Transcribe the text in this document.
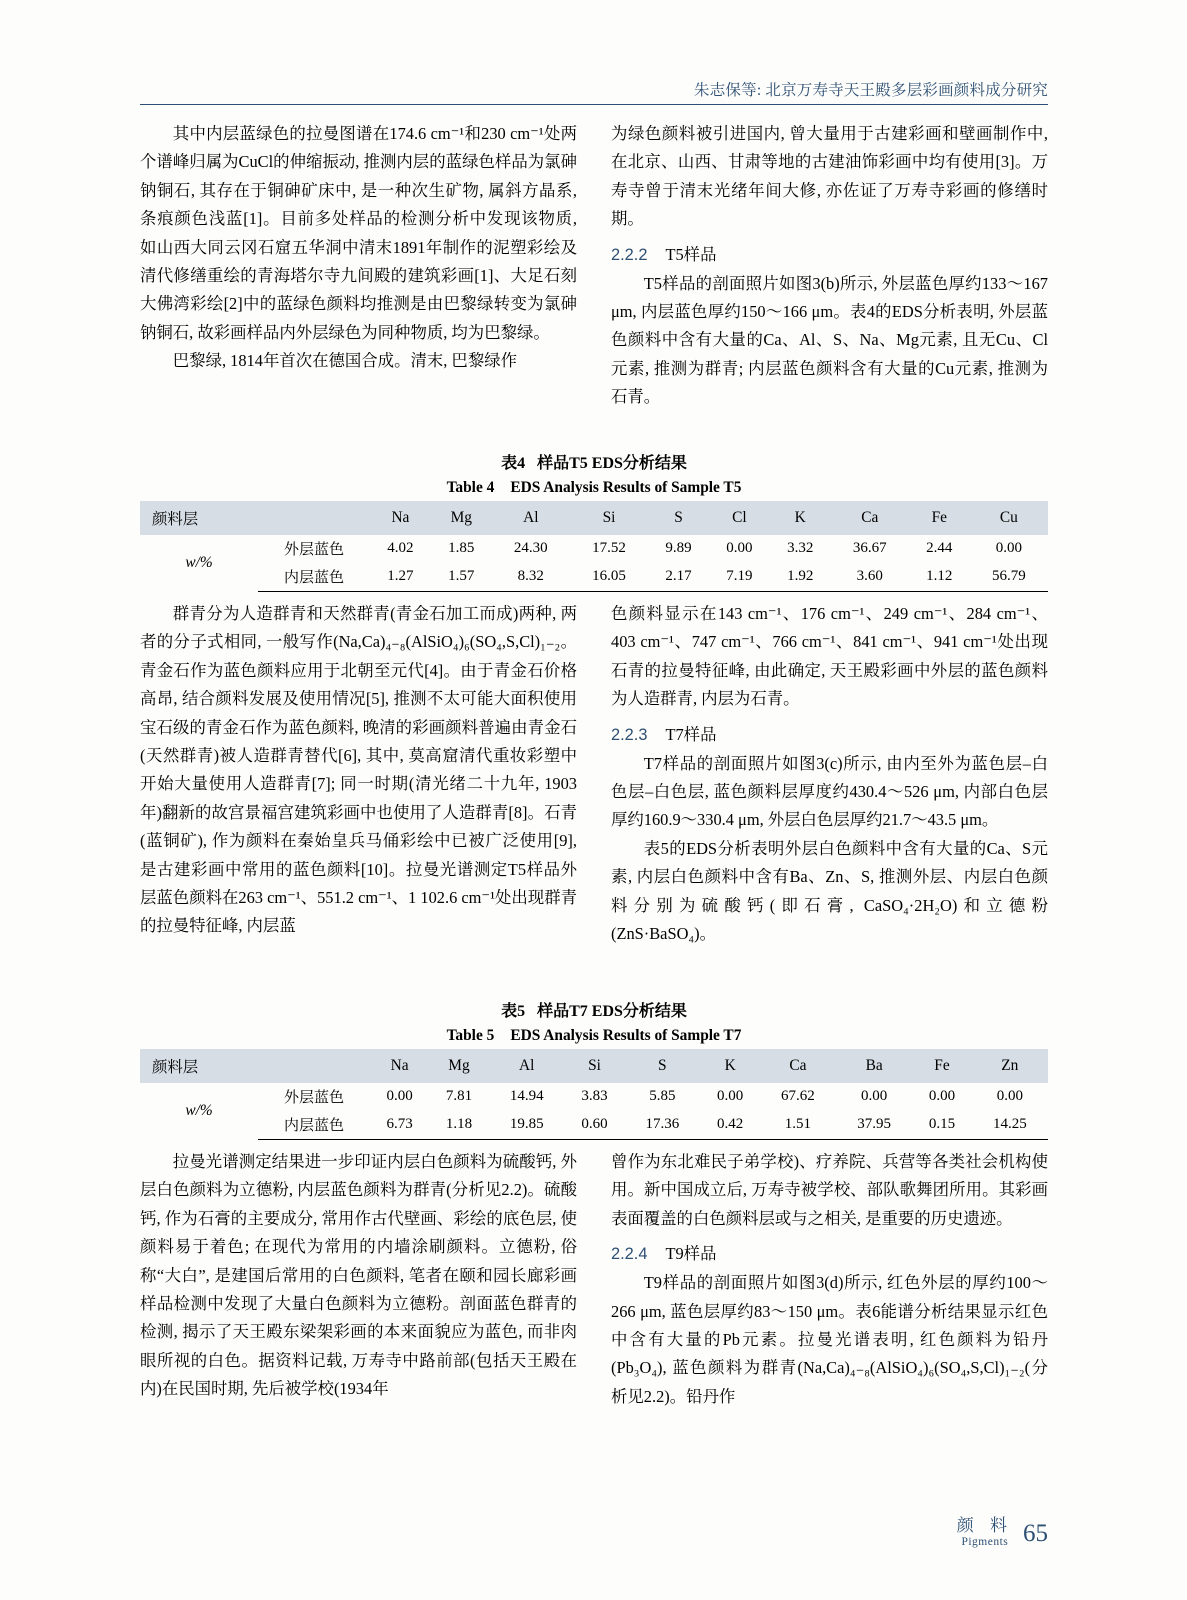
朱志保等: 北京万寿寺天王殿多层彩画颜料成分研究

其中内层蓝绿色的拉曼图谱在174.6 cm⁻¹和230 cm⁻¹处两个谱峰归属为CuCl的伸缩振动, 推测内层的蓝绿色样品为氯砷钠铜石, 其存在于铜砷矿床中, 是一种次生矿物, 属斜方晶系, 条痕颜色浅蓝[1]。目前多处样品的检测分析中发现该物质, 如山西大同云冈石窟五华洞中清末1891年制作的泥塑彩绘及清代修缮重绘的青海塔尔寺九间殿的建筑彩画[1]、大足石刻大佛湾彩绘[2]中的蓝绿色颜料均推测是由巴黎绿转变为氯砷钠铜石, 故彩画样品内外层绿色为同种物质, 均为巴黎绿。

巴黎绿, 1814年首次在德国合成。清末, 巴黎绿作

为绿色颜料被引进国内, 曾大量用于古建彩画和壁画制作中, 在北京、山西、甘肃等地的古建油饰彩画中均有使用[3]。万寿寺曾于清末光绪年间大修, 亦佐证了万寿寺彩画的修缮时期。

2.2.2 T5样品

T5样品的剖面照片如图3(b)所示, 外层蓝色厚约133～167 μm, 内层蓝色厚约150～166 μm。表4的EDS分析表明, 外层蓝色颜料中含有大量的Ca、Al、S、Na、Mg元素, 且无Cu、Cl元素, 推测为群青; 内层蓝色颜料含有大量的Cu元素, 推测为石青。

表4 样品T5 EDS分析结果
Table 4 EDS Analysis Results of Sample T5
颜料层		Na	Mg	Al	Si	S	Cl	K	Ca	Fe	Cu
w/%	外层蓝色	4.02	1.85	24.30	17.52	9.89	0.00	3.32	36.67	2.44	0.00
	内层蓝色	1.27	1.57	8.32	16.05	2.17	7.19	1.92	3.60	1.12	56.79

群青分为人造群青和天然群青(青金石加工而成)两种, 两者的分子式相同, 一般写作(Na,Ca)₄₋₈(AlSiO₄)₆(SO₄,S,Cl)₁₋₂。青金石作为蓝色颜料应用于北朝至元代[4]。由于青金石价格高昂, 结合颜料发展及使用情况[5], 推测不太可能大面积使用宝石级的青金石作为蓝色颜料, 晚清的彩画颜料普遍由青金石(天然群青)被人造群青替代[6], 其中, 莫高窟清代重妆彩塑中开始大量使用人造群青[7]; 同一时期(清光绪二十九年, 1903年)翻新的故宫景福宫建筑彩画中也使用了人造群青[8]。石青(蓝铜矿), 作为颜料在秦始皇兵马俑彩绘中已被广泛使用[9], 是古建彩画中常用的蓝色颜料[10]。拉曼光谱测定T5样品外层蓝色颜料在263 cm⁻¹、551.2 cm⁻¹、1 102.6 cm⁻¹处出现群青的拉曼特征峰, 内层蓝

色颜料显示在143 cm⁻¹、176 cm⁻¹、249 cm⁻¹、284 cm⁻¹、403 cm⁻¹、747 cm⁻¹、766 cm⁻¹、841 cm⁻¹、941 cm⁻¹处出现石青的拉曼特征峰, 由此确定, 天王殿彩画中外层的蓝色颜料为人造群青, 内层为石青。

2.2.3 T7样品

T7样品的剖面照片如图3(c)所示, 由内至外为蓝色层–白色层–白色层, 蓝色颜料层厚度约430.4～526 μm, 内部白色层厚约160.9～330.4 μm, 外层白色层厚约21.7～43.5 μm。

表5的EDS分析表明外层白色颜料中含有大量的Ca、S元素, 内层白色颜料中含有Ba、Zn、S, 推测外层、内层白色颜料分别为硫酸钙(即石膏, CaSO₄·2H₂O)和立德粉(ZnS·BaSO₄)。

表5 样品T7 EDS分析结果
Table 5 EDS Analysis Results of Sample T7
颜料层		Na	Mg	Al	Si	S	K	Ca	Ba	Fe	Zn
w/%	外层蓝色	0.00	7.81	14.94	3.83	5.85	0.00	67.62	0.00	0.00	0.00
	内层蓝色	6.73	1.18	19.85	0.60	17.36	0.42	1.51	37.95	0.15	14.25

拉曼光谱测定结果进一步印证内层白色颜料为硫酸钙, 外层白色颜料为立德粉, 内层蓝色颜料为群青(分析见2.2)。硫酸钙, 作为石膏的主要成分, 常用作古代壁画、彩绘的底色层, 使颜料易于着色; 在现代为常用的内墙涂刷颜料。立德粉, 俗称“大白”, 是建国后常用的白色颜料, 笔者在颐和园长廊彩画样品检测中发现了大量白色颜料为立德粉。剖面蓝色群青的检测, 揭示了天王殿东梁架彩画的本来面貌应为蓝色, 而非肉眼所视的白色。据资料记载, 万寿寺中路前部(包括天王殿在内)在民国时期, 先后被学校(1934年

曾作为东北难民子弟学校)、疗养院、兵营等各类社会机构使用。新中国成立后, 万寿寺被学校、部队歌舞团所用。其彩画表面覆盖的白色颜料层或与之相关, 是重要的历史遗迹。

2.2.4 T9样品

T9样品的剖面照片如图3(d)所示, 红色外层的厚约100～266 μm, 蓝色层厚约83～150 μm。表6能谱分析结果显示红色中含有大量的Pb元素。拉曼光谱表明, 红色颜料为铅丹(Pb₃O₄), 蓝色颜料为群青(Na,Ca)₄₋₈(AlSiO₄)₆(SO₄,S,Cl)₁₋₂(分析见2.2)。铅丹作

颜 料
Pigments 65
